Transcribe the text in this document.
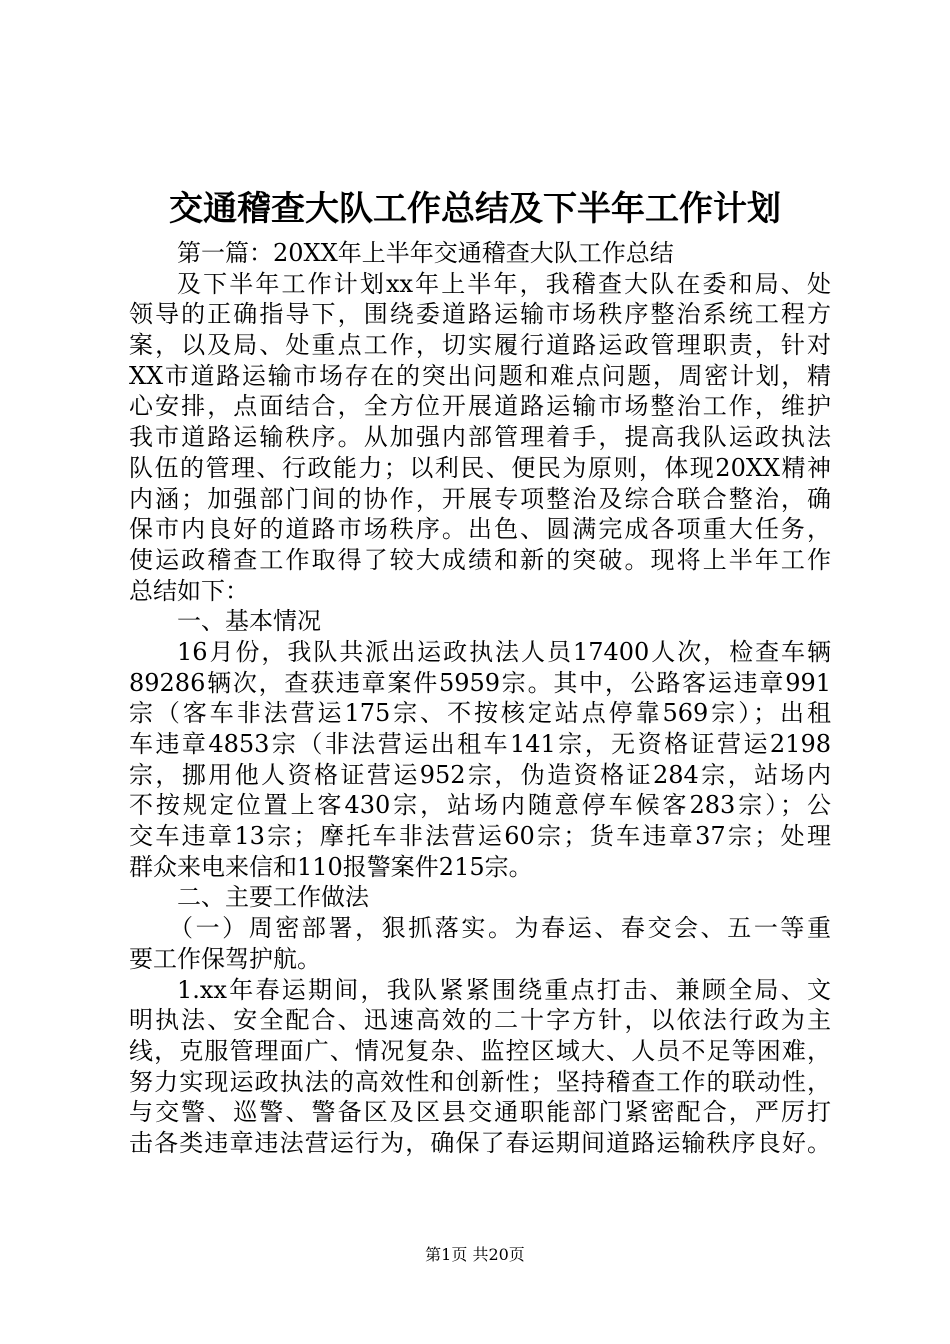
交通稽查大队工作总结及下半年工作计划
第一篇：20XX年上半年交通稽查大队工作总结
及下半年工作计划xx年上半年，我稽查大队在委和局、处
领导的正确指导下，围绕委道路运输市场秩序整治系统工程方
案，以及局、处重点工作，切实履行道路运政管理职责，针对
XX市道路运输市场存在的突出问题和难点问题，周密计划，精
心安排，点面结合，全方位开展道路运输市场整治工作，维护
我市道路运输秩序。从加强内部管理着手，提高我队运政执法
队伍的管理、行政能力；以利民、便民为原则，体现20XX精神
内涵；加强部门间的协作，开展专项整治及综合联合整治，确
保市内良好的道路市场秩序。出色、圆满完成各项重大任务，
使运政稽查工作取得了较大成绩和新的突破。现将上半年工作
总结如下：
一、基本情况
16月份，我队共派出运政执法人员17400人次，检查车辆
89286辆次，查获违章案件5959宗。其中，公路客运违章991
宗（客车非法营运175宗、不按核定站点停靠569宗）；出租
车违章4853宗（非法营运出租车141宗，无资格证营运2198
宗，挪用他人资格证营运952宗，伪造资格证284宗，站场内
不按规定位置上客430宗，站场内随意停车候客283宗）；公
交车违章13宗；摩托车非法营运60宗；货车违章37宗；处理
群众来电来信和110报警案件215宗。
二、主要工作做法
（一）周密部署，狠抓落实。为春运、春交会、五一等重
要工作保驾护航。
1.xx年春运期间，我队紧紧围绕重点打击、兼顾全局、文
明执法、安全配合、迅速高效的二十字方针，以依法行政为主
线，克服管理面广、情况复杂、监控区域大、人员不足等困难，
努力实现运政执法的高效性和创新性；坚持稽查工作的联动性，
与交警、巡警、警备区及区县交通职能部门紧密配合，严厉打
击各类违章违法营运行为，确保了春运期间道路运输秩序良好。
第1页 共20页
